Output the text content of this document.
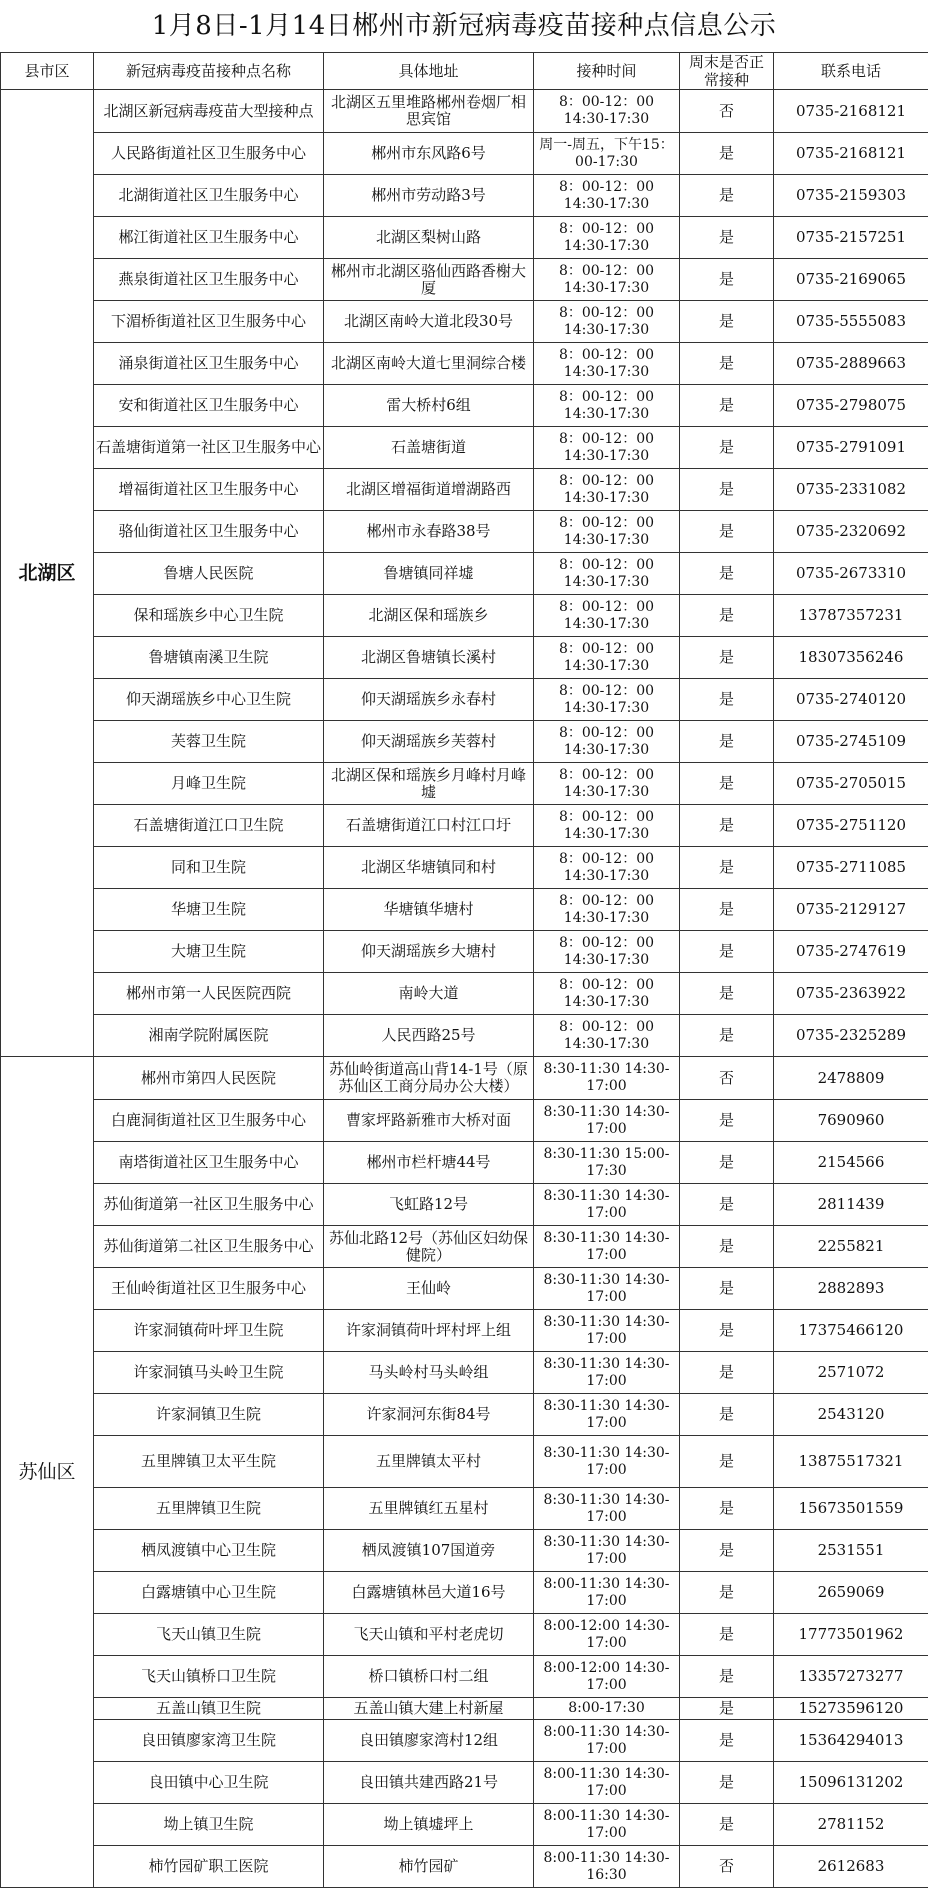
1月8日-1月14日郴州市新冠病毒疫苗接种点信息公示
县市区	新冠病毒疫苗接种点名称	具体地址	接种时间	周末是否正常接种	联系电话
北湖区	北湖区新冠病毒疫苗大型接种点	北湖区五里堆路郴州卷烟厂相思宾馆	8：00-12：00 14:30-17:30	否	0735-2168121
	人民路街道社区卫生服务中心	郴州市东风路6号	周一-周五，下午15：00-17:30	是	0735-2168121
	北湖街道社区卫生服务中心	郴州市劳动路3号	8：00-12：00 14:30-17:30	是	0735-2159303
	郴江街道社区卫生服务中心	北湖区梨树山路	8：00-12：00 14:30-17:30	是	0735-2157251
	燕泉街道社区卫生服务中心	郴州市北湖区骆仙西路香榭大厦	8：00-12：00 14:30-17:30	是	0735-2169065
	下湄桥街道社区卫生服务中心	北湖区南岭大道北段30号	8：00-12：00 14:30-17:30	是	0735-5555083
	涌泉街道社区卫生服务中心	北湖区南岭大道七里洞综合楼	8：00-12：00 14:30-17:30	是	0735-2889663
	安和街道社区卫生服务中心	雷大桥村6组	8：00-12：00 14:30-17:30	是	0735-2798075
	石盖塘街道第一社区卫生服务中心	石盖塘街道	8：00-12：00 14:30-17:30	是	0735-2791091
	增福街道社区卫生服务中心	北湖区增福街道增湖路西	8：00-12：00 14:30-17:30	是	0735-2331082
	骆仙街道社区卫生服务中心	郴州市永春路38号	8：00-12：00 14:30-17:30	是	0735-2320692
	鲁塘人民医院	鲁塘镇同祥墟	8：00-12：00 14:30-17:30	是	0735-2673310
	保和瑶族乡中心卫生院	北湖区保和瑶族乡	8：00-12：00 14:30-17:30	是	13787357231
	鲁塘镇南溪卫生院	北湖区鲁塘镇长溪村	8：00-12：00 14:30-17:30	是	18307356246
	仰天湖瑶族乡中心卫生院	仰天湖瑶族乡永春村	8：00-12：00 14:30-17:30	是	0735-2740120
	芙蓉卫生院	仰天湖瑶族乡芙蓉村	8：00-12：00 14:30-17:30	是	0735-2745109
	月峰卫生院	北湖区保和瑶族乡月峰村月峰墟	8：00-12：00 14:30-17:30	是	0735-2705015
	石盖塘街道江口卫生院	石盖塘街道江口村江口圩	8：00-12：00 14:30-17:30	是	0735-2751120
	同和卫生院	北湖区华塘镇同和村	8：00-12：00 14:30-17:30	是	0735-2711085
	华塘卫生院	华塘镇华塘村	8：00-12：00 14:30-17:30	是	0735-2129127
	大塘卫生院	仰天湖瑶族乡大塘村	8：00-12：00 14:30-17:30	是	0735-2747619
	郴州市第一人民医院西院	南岭大道	8：00-12：00 14:30-17:30	是	0735-2363922
	湘南学院附属医院	人民西路25号	8：00-12：00 14:30-17:30	是	0735-2325289
苏仙区	郴州市第四人民医院	苏仙岭街道高山背14-1号（原苏仙区工商分局办公大楼）	8:30-11:30 14:30-17:00	否	2478809
	白鹿洞街道社区卫生服务中心	曹家坪路新雅市大桥对面	8:30-11:30 14:30-17:00	是	7690960
	南塔街道社区卫生服务中心	郴州市栏杆塘44号	8:30-11:30 15:00-17:30	是	2154566
	苏仙街道第一社区卫生服务中心	飞虹路12号	8:30-11:30 14:30-17:00	是	2811439
	苏仙街道第二社区卫生服务中心	苏仙北路12号（苏仙区妇幼保健院）	8:30-11:30 14:30-17:00	是	2255821
	王仙岭街道社区卫生服务中心	王仙岭	8:30-11:30 14:30-17:00	是	2882893
	许家洞镇荷叶坪卫生院	许家洞镇荷叶坪村坪上组	8:30-11:30 14:30-17:00	是	17375466120
	许家洞镇马头岭卫生院	马头岭村马头岭组	8:30-11:30 14:30-17:00	是	2571072
	许家洞镇卫生院	许家洞河东街84号	8:30-11:30 14:30-17:00	是	2543120
	五里牌镇卫太平生院	五里牌镇太平村	8:30-11:30 14:30-17:00	是	13875517321
	五里牌镇卫生院	五里牌镇红五星村	8:30-11:30 14:30-17:00	是	15673501559
	栖凤渡镇中心卫生院	栖凤渡镇107国道旁	8:30-11:30 14:30-17:00	是	2531551
	白露塘镇中心卫生院	白露塘镇林邑大道16号	8:00-11:30 14:30-17:00	是	2659069
	飞天山镇卫生院	飞天山镇和平村老虎切	8:00-12:00 14:30-17:00	是	17773501962
	飞天山镇桥口卫生院	桥口镇桥口村二组	8:00-12:00 14:30-17:00	是	13357273277
	五盖山镇卫生院	五盖山镇大建上村新屋	8:00-17:30	是	15273596120
	良田镇廖家湾卫生院	良田镇廖家湾村12组	8:00-11:30 14:30-17:00	是	15364294013
	良田镇中心卫生院	良田镇共建西路21号	8:00-11:30 14:30-17:00	是	15096131202
	坳上镇卫生院	坳上镇墟坪上	8:00-11:30 14:30-17:00	是	2781152
	柿竹园矿职工医院	柿竹园矿	8:00-11:30 14:30-16:30	否	2612683
